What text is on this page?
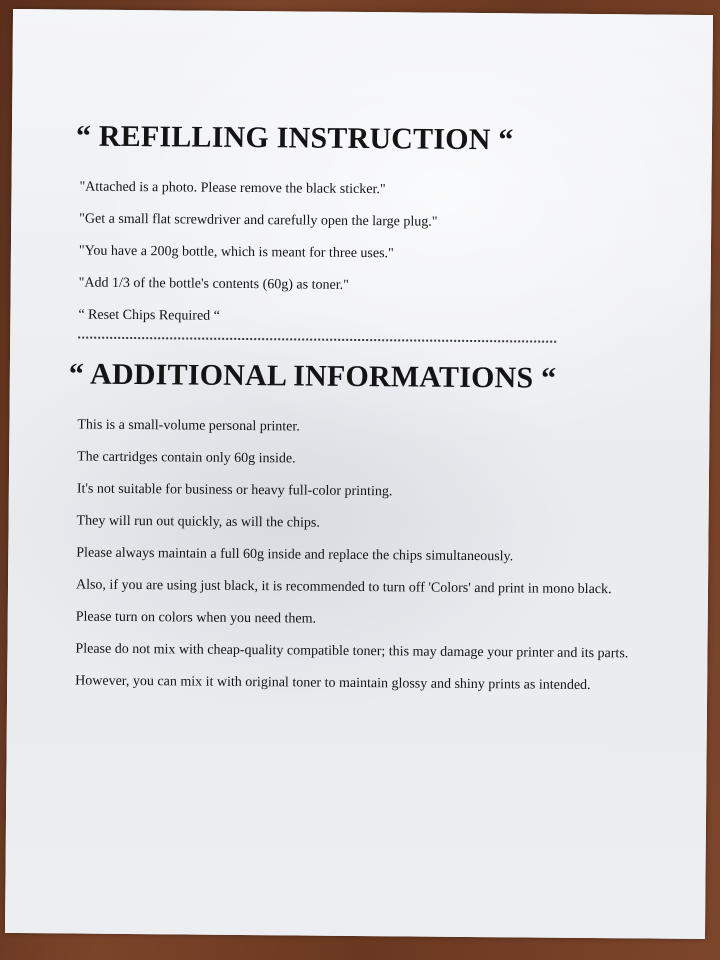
“ REFILLING INSTRUCTION “
"Attached is a photo. Please remove the black sticker."
"Get a small flat screwdriver and carefully open the large plug."
"You have a 200g bottle, which is meant for three uses."
"Add 1/3 of the bottle's contents (60g) as toner."
“ Reset Chips Required “
“ ADDITIONAL INFORMATIONS “
This is a small-volume personal printer.
The cartridges contain only 60g inside.
It's not suitable for business or heavy full-color printing.
They will run out quickly, as will the chips.
Please always maintain a full 60g inside and replace the chips simultaneously.
Also, if you are using just black, it is recommended to turn off 'Colors' and print in mono black.
Please turn on colors when you need them.
Please do not mix with cheap-quality compatible toner; this may damage your printer and its parts.
However, you can mix it with original toner to maintain glossy and shiny prints as intended.
